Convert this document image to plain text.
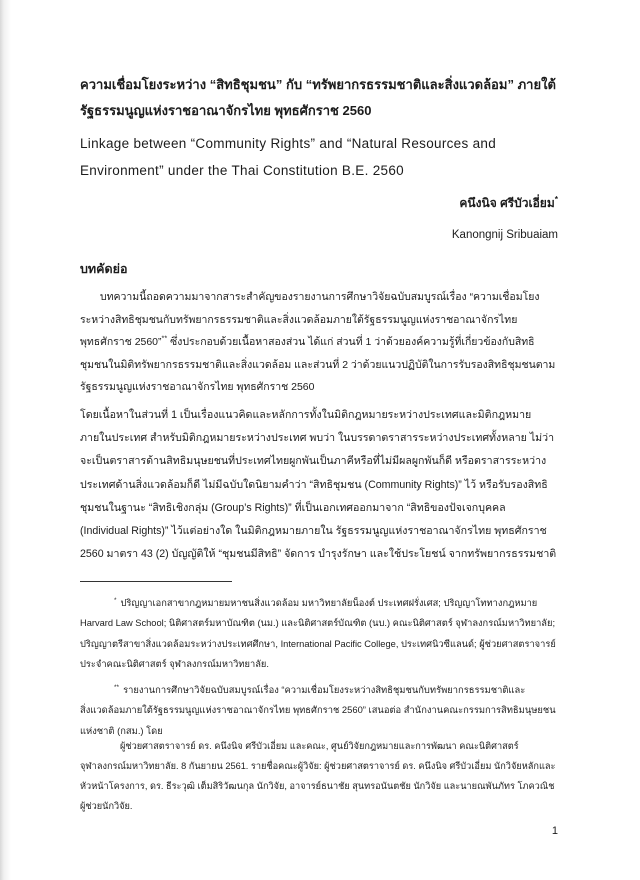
ความเชื่อมโยงระหว่าง “สิทธิชุมชน” กับ “ทรัพยากรธรรมชาติและสิ่งแวดล้อม” ภายใต้
รัฐธรรมนูญแห่งราชอาณาจักรไทย พุทธศักราช 2560
Linkage between “Community Rights” and “Natural Resources and
Environment” under the Thai Constitution B.E. 2560
คนึงนิจ ศรีบัวเอี่ยม*
Kanongnij Sribuaiam
บทคัดย่อ
บทความนี้ถอดความมาจากสาระสำคัญของรายงานการศึกษาวิจัยฉบับสมบูรณ์เรื่อง “ความเชื่อมโยง
ระหว่างสิทธิชุมชนกับทรัพยากรธรรมชาติและสิ่งแวดล้อมภายใต้รัฐธรรมนูญแห่งราชอาณาจักรไทย
พุทธศักราช 2560”** ซึ่งประกอบด้วยเนื้อหาสองส่วน ได้แก่ ส่วนที่ 1 ว่าด้วยองค์ความรู้ที่เกี่ยวข้องกับสิทธิ
ชุมชนในมิติทรัพยากรธรรมชาติและสิ่งแวดล้อม และส่วนที่ 2 ว่าด้วยแนวปฏิบัติในการรับรองสิทธิชุมชนตาม
รัฐธรรมนูญแห่งราชอาณาจักรไทย พุทธศักราช 2560
โดยเนื้อหาในส่วนที่ 1 เป็นเรื่องแนวคิดและหลักการทั้งในมิติกฎหมายระหว่างประเทศและมิติกฎหมาย
ภายในประเทศ สำหรับมิติกฎหมายระหว่างประเทศ พบว่า ในบรรดาตราสารระหว่างประเทศทั้งหลาย ไม่ว่า
จะเป็นตราสารด้านสิทธิมนุษยชนที่ประเทศไทยผูกพันเป็นภาคีหรือที่ไม่มีผลผูกพันก็ดี หรือตราสารระหว่าง
ประเทศด้านสิ่งแวดล้อมก็ดี ไม่มีฉบับใดนิยามคำว่า “สิทธิชุมชน (Community Rights)” ไว้ หรือรับรองสิทธิ
ชุมชนในฐานะ “สิทธิเชิงกลุ่ม (Group’s Rights)” ที่เป็นเอกเทศออกมาจาก “สิทธิของปัจเจกบุคคล
(Individual Rights)” ไว้แต่อย่างใด ในมิติกฎหมายภายใน รัฐธรรมนูญแห่งราชอาณาจักรไทย พุทธศักราช
2560 มาตรา 43 (2) บัญญัติให้ “ชุมชนมีสิทธิ” จัดการ บำรุงรักษา และใช้ประโยชน์ จากทรัพยากรธรรมชาติ
* ปริญญาเอกสาขากฎหมายมหาชนสิ่งแวดล้อม มหาวิทยาลัยน็องต์ ประเทศฝรั่งเศส; ปริญญาโททางกฎหมาย
Harvard Law School; นิติศาสตร์มหาบัณฑิต (นม.) และนิติศาสตร์บัณฑิต (นบ.) คณะนิติศาสตร์ จุฬาลงกรณ์มหาวิทยาลัย;
ปริญญาตรีสาขาสิ่งแวดล้อมระหว่างประเทศศึกษา, International Pacific College, ประเทศนิวซีแลนด์; ผู้ช่วยศาสตราจารย์
ประจำคณะนิติศาสตร์ จุฬาลงกรณ์มหาวิทยาลัย.
** รายงานการศึกษาวิจัยฉบับสมบูรณ์เรื่อง “ความเชื่อมโยงระหว่างสิทธิชุมชนกับทรัพยากรธรรมชาติและ
สิ่งแวดล้อมภายใต้รัฐธรรมนูญแห่งราชอาณาจักรไทย พุทธศักราช 2560” เสนอต่อ สำนักงานคณะกรรมการสิทธิมนุษยชน
แห่งชาติ (กสม.) โดย
ผู้ช่วยศาสตราจารย์ ดร. คนึงนิจ ศรีบัวเอี่ยม และคณะ, ศูนย์วิจัยกฎหมายและการพัฒนา คณะนิติศาสตร์
จุฬาลงกรณ์มหาวิทยาลัย. 8 กันยายน 2561. รายชื่อคณะผู้วิจัย: ผู้ช่วยศาสตราจารย์ ดร. คนึงนิจ ศรีบัวเอี่ยม นักวิจัยหลักและ
หัวหน้าโครงการ, ดร. ธีระวุฒิ เต็มสิริวัฒนกุล นักวิจัย, อาจารย์ธนาชัย สุนทรอนันตชัย นักวิจัย และนายณพันภัทร โภควณิช
ผู้ช่วยนักวิจัย.
1
